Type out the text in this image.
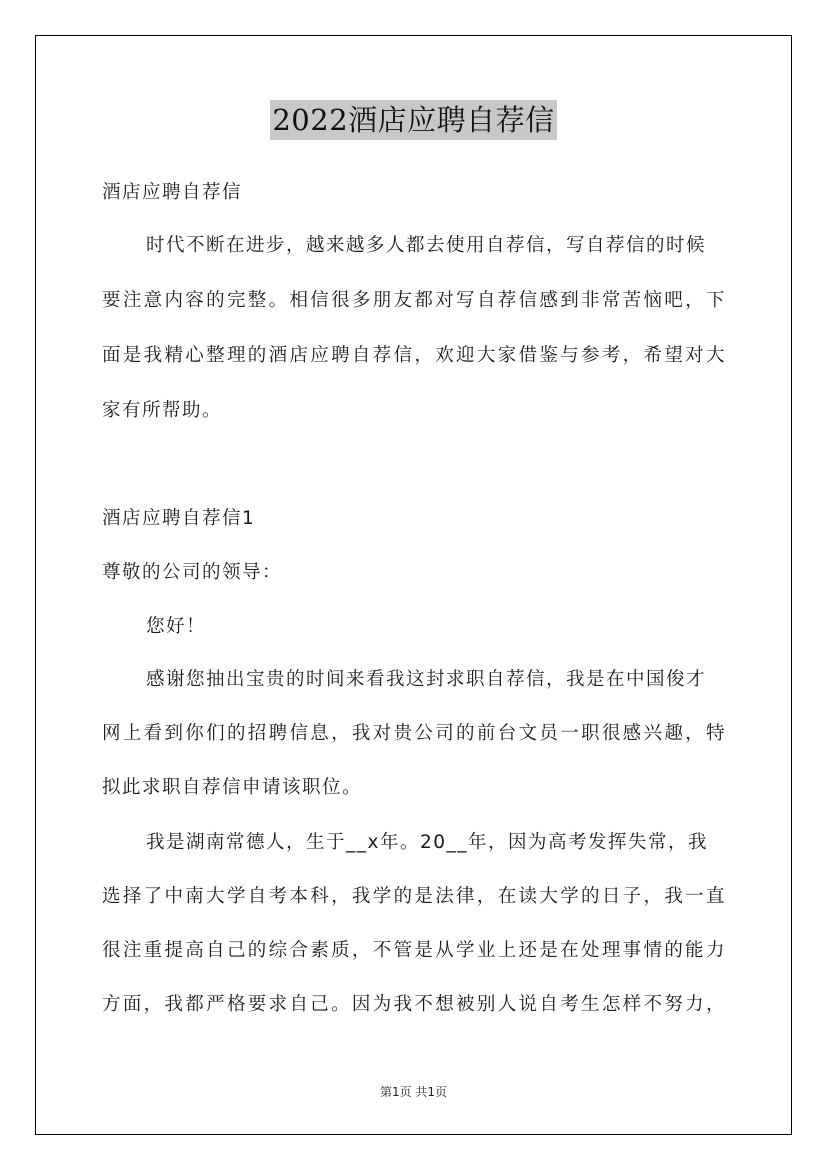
2022酒店应聘自荐信
酒店应聘自荐信
时代不断在进步，越来越多人都去使用自荐信，写自荐信的时候
要注意内容的完整。相信很多朋友都对写自荐信感到非常苦恼吧，下
面是我精心整理的酒店应聘自荐信，欢迎大家借鉴与参考，希望对大
家有所帮助。
酒店应聘自荐信1
尊敬的公司的领导：
您好！
感谢您抽出宝贵的时间来看我这封求职自荐信，我是在中国俊才
网上看到你们的招聘信息，我对贵公司的前台文员一职很感兴趣，特
拟此求职自荐信申请该职位。
我是湖南常德人，生于__x年。20__年，因为高考发挥失常，我
选择了中南大学自考本科，我学的是法律，在读大学的日子，我一直
很注重提高自己的综合素质，不管是从学业上还是在处理事情的能力
方面，我都严格要求自己。因为我不想被别人说自考生怎样不努力，
第1页 共1页
